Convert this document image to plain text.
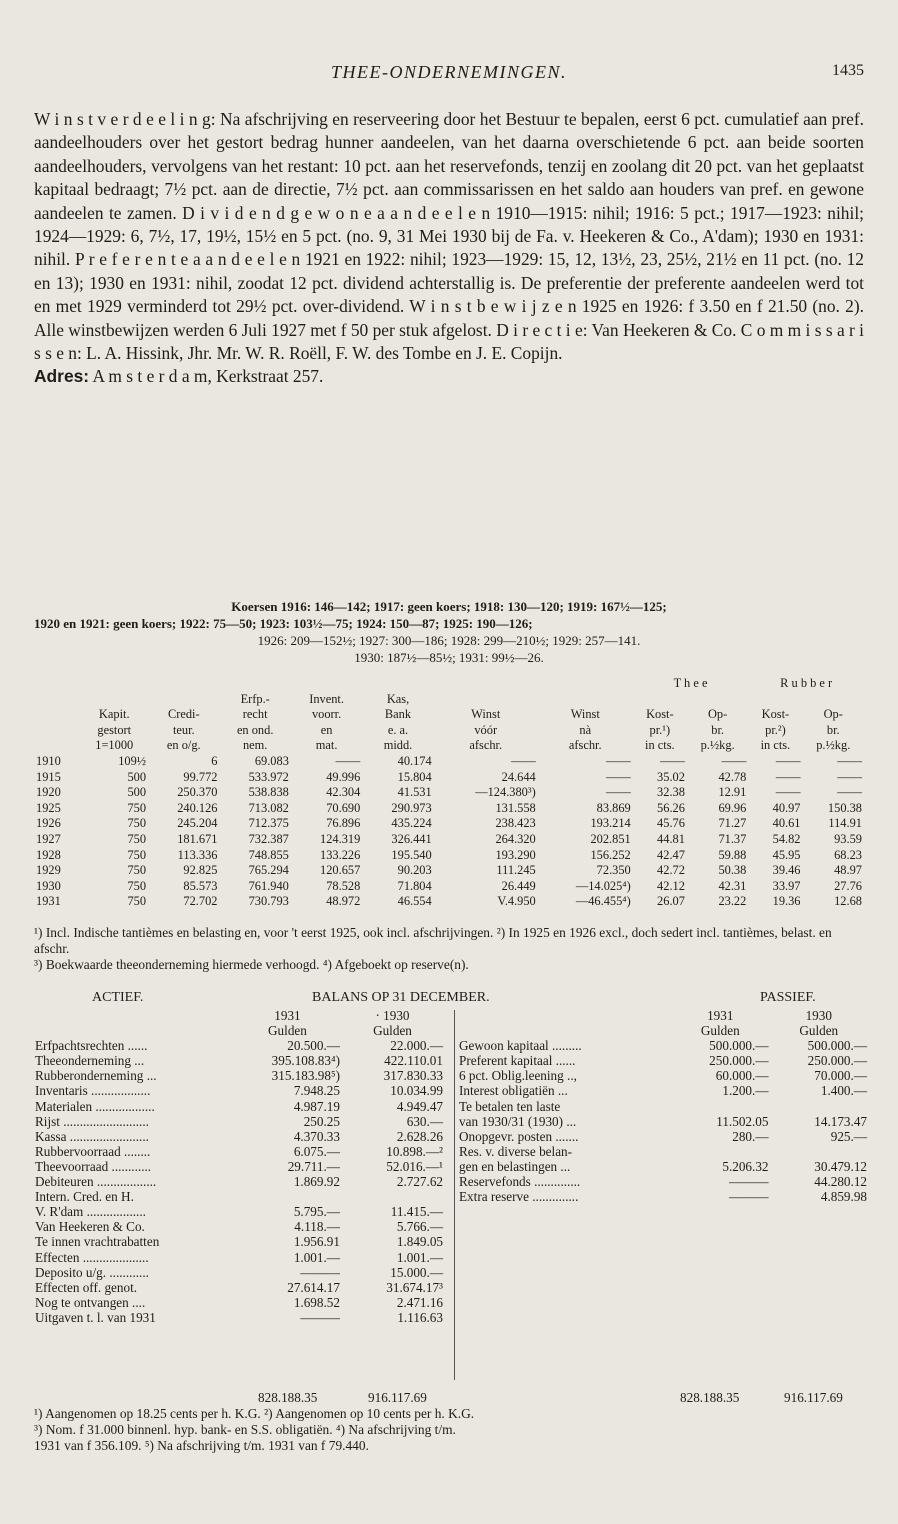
THEE-ONDERNEMINGEN.	1435

W i n s t v e r d e e l i n g: Na afschrijving en reserveering door het Bestuur te bepalen, eerst 6 pct. cumulatief aan pref. aandeelhouders over het gestort bedrag hunner aandeelen, van het daarna overschietende 6 pct. aan beide soorten aandeelhouders, vervolgens van het restant: 10 pct. aan het reservefonds, tenzij en zoolang dit 20 pct. van het geplaatst kapitaal bedraagt; 7½ pct. aan de directie, 7½ pct. aan commissarissen en het saldo aan houders van pref. en gewone aandeelen te zamen. D i v i d e n d g e w o n e a a n d e e l e n 1910—1915: nihil; 1916: 5 pct.; 1917—1923: nihil; 1924—1929: 6, 7½, 17, 19½, 15½ en 5 pct. (no. 9, 31 Mei 1930 bij de Fa. v. Heekeren & Co., A'dam); 1930 en 1931: nihil. P r e f e r e n t e a a n d e e l e n 1921 en 1922: nihil; 1923—1929: 15, 12, 13½, 23, 25½, 21½ en 11 pct. (no. 12 en 13); 1930 en 1931: nihil, zoodat 12 pct. dividend achterstallig is. De preferentie der preferente aandeelen werd tot en met 1929 verminderd tot 29½ pct. over-dividend. W i n s t b e w i j z e n 1925 en 1926: f 3.50 en f 21.50 (no. 2). Alle winstbewijzen werden 6 Juli 1927 met f 50 per stuk afgelost. D i r e c t i e: Van Heekeren & Co. C o m m i s s a r i s s e n: L. A. Hissink, Jhr. Mr. W. R. Roëll, F. W. des Tombe en J. E. Copijn.

Adres: A m s t e r d a m, Kerkstraat 257.

Koersen 1916: 146—142; 1917: geen koers; 1918: 130—120; 1919: 167½—125;
1920 en 1921: geen koers; 1922: 75—50; 1923: 103½—75; 1924: 150—87; 1925: 190—126;
1926: 209—152½; 1927: 300—186; 1928: 299—210½; 1929: 257—141.
1930: 187½—85½; 1931: 99½—26.
								T h e e		R u b b e r	
			Erfp.-	Invent.	Kas,						
	Kapit.	Credi-	recht	voorr.	Bank	Winst	Winst	Kost-	Op-	Kost-	Op-
	gestort	teur.	en ond.	en	e. a.	vóór	nà	pr.¹)	br.	pr.²)	br.
	1=1000	en o/g.	nem.	mat.	midd.	afschr.	afschr.	in cts.	p.½kg.	in cts.	p.½kg.
1910	109½	6	69.083	——	40.174	——	——	——	——	——	——
1915	500	99.772	533.972	49.996	15.804	24.644	——	35.02	42.78	——	——
1920	500	250.370	538.838	42.304	41.531	—124.380³)	——	32.38	12.91	——	——
1925	750	240.126	713.082	70.690	290.973	131.558	83.869	56.26	69.96	40.97	150.38
1926	750	245.204	712.375	76.896	435.224	238.423	193.214	45.76	71.27	40.61	114.91
1927	750	181.671	732.387	124.319	326.441	264.320	202.851	44.81	71.37	54.82	93.59
1928	750	113.336	748.855	133.226	195.540	193.290	156.252	42.47	59.88	45.95	68.23
1929	750	92.825	765.294	120.657	90.203	111.245	72.350	42.72	50.38	39.46	48.97
1930	750	85.573	761.940	78.528	71.804	26.449	—14.025⁴)	42.12	42.31	33.97	27.76
1931	750	72.702	730.793	48.972	46.554	V.4.950	—46.455⁴)	26.07	23.22	19.36	12.68
¹) Incl. Indische tantièmes en belasting en, voor 't eerst 1925, ook incl. afschrijvingen. ²) In 1925 en 1926 excl., doch sedert incl. tantièmes, belast. en afschr.
³) Boekwaarde theeonderneming hiermede verhoogd. ⁴) Afgeboekt op reserve(n).
ACTIEF.	BALANS OP 31 DECEMBER.	PASSIEF.
	1931	· 1930
	Gulden	Gulden
Erfpachtsrechten ......	20.500.—	22.000.—
Theeonderneming ...	395.108.83⁴)	422.110.01
Rubberonderneming ...	315.183.98⁵)	317.830.33
Inventaris ..................	7.948.25	10.034.99
Materialen ..................	4.987.19	4.949.47
Rijst ..........................	250.25	630.—
Kassa ........................	4.370.33	2.628.26
Rubbervoorraad ........	6.075.—	10.898.—²
Theevoorraad ............	29.711.—	52.016.—¹
Debiteuren ..................	1.869.92	2.727.62
Intern. Cred. en H.		
V. R'dam ..................	5.795.—	11.415.—
Van Heekeren & Co.	4.118.—	5.766.—
Te innen vrachtrabatten	1.956.91	1.849.05
Effecten ....................	1.001.—	1.001.—
Deposito u/g. ............	———	15.000.—
Effecten off. genot.	27.614.17	31.674.17³
Nog te ontvangen ....	1.698.52	2.471.16
Uitgaven t. l. van 1931	———	1.116.63
	1931	1930
	Gulden	Gulden
Gewoon kapitaal .........	500.000.—	500.000.—
Preferent kapitaal ......	250.000.—	250.000.—
6 pct. Oblig.leening ..,	60.000.—	70.000.—
Interest obligatiën ...	1.200.—	1.400.—
Te betalen ten laste		
van 1930/31 (1930) ...	11.502.05	14.173.47
Onopgevr. posten .......	280.—	925.—
Res. v. diverse belan-		
gen en belastingen ...	5.206.32	30.479.12
Reservefonds ..............	———	44.280.12
Extra reserve ..............	———	4.859.98
828.188.35	916.117.69	828.188.35	916.117.69
¹) Aangenomen op 18.25 cents per h. K.G. ²) Aangenomen op 10 cents per h. K.G.
³) Nom. f 31.000 binnenl. hyp. bank- en S.S. obligatiën. ⁴) Na afschrijving t/m.
1931 van f 356.109. ⁵) Na afschrijving t/m. 1931 van f 79.440.
